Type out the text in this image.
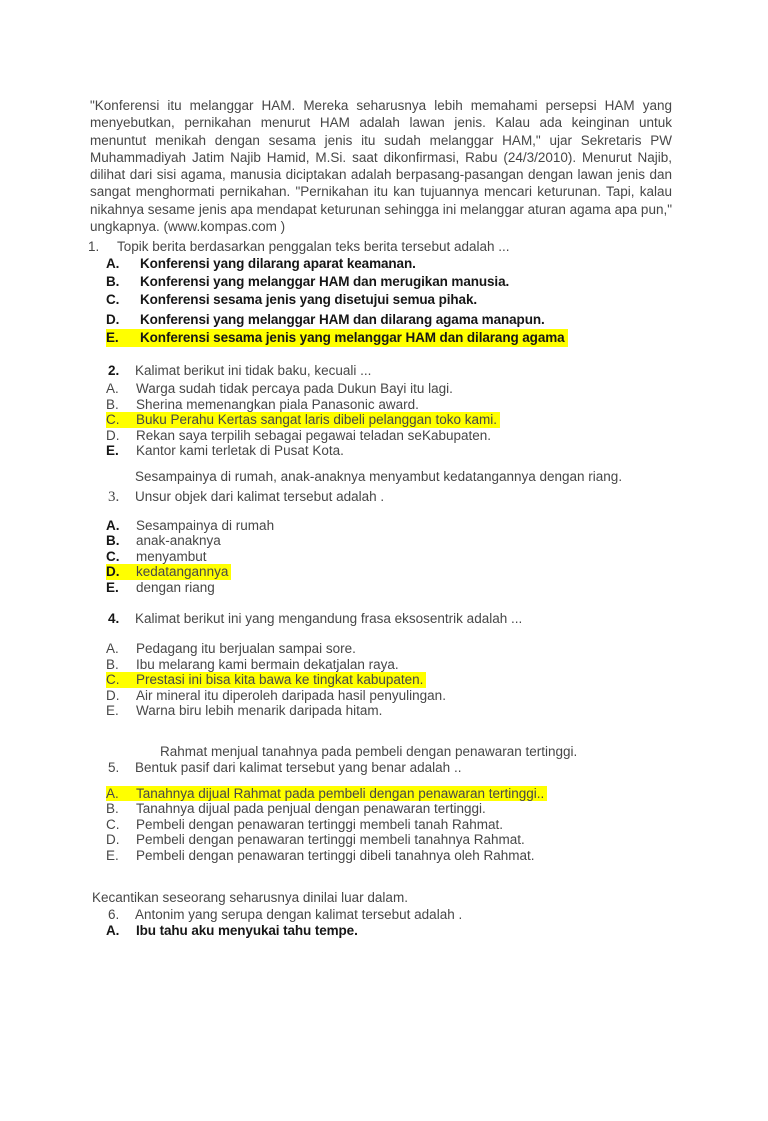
"Konferensi itu melanggar HAM. Mereka seharusnya lebih memahami persepsi HAM yang menyebutkan, pernikahan menurut HAM adalah lawan jenis. Kalau ada keinginan untuk menuntut menikah dengan sesama jenis itu sudah melanggar HAM," ujar Sekretaris PW Muhammadiyah Jatim Najib Hamid, M.Si. saat dikonfirmasi, Rabu (24/3/2010). Menurut Najib, dilihat dari sisi agama, manusia diciptakan adalah berpasang-pasangan dengan lawan jenis dan sangat menghormati pernikahan. "Pernikahan itu kan tujuannya mencari keturunan. Tapi, kalau nikahnya sesame jenis apa mendapat keturunan sehingga ini melanggar aturan agama apa pun," ungkapnya. (www.kompas.com )

1.	Topik berita berdasarkan penggalan teks berita tersebut adalah ...
A.	Konferensi yang dilarang aparat keamanan.
B.	Konferensi yang melanggar HAM dan merugikan manusia.
C.	Konferensi sesama jenis yang disetujui semua pihak.
D.	Konferensi yang melanggar HAM dan dilarang agama manapun.
E.	Konferensi sesama jenis yang melanggar HAM dan dilarang agama
2.	Kalimat berikut ini tidak baku, kecuali ...
A.	Warga sudah tidak percaya pada Dukun Bayi itu lagi.
B.	Sherina memenangkan piala Panasonic award.
C.	Buku Perahu Kertas sangat laris dibeli pelanggan toko kami.
D.	Rekan saya terpilih sebagai pegawai teladan seKabupaten.
E.	Kantor kami terletak di Pusat Kota.
Sesampainya di rumah, anak-anaknya menyambut kedatangannya dengan riang.
3.	Unsur objek dari kalimat tersebut adalah .
A.	Sesampainya di rumah
B.	anak-anaknya
C.	menyambut
D.	kedatangannya
E.	dengan riang
4.	Kalimat berikut ini yang mengandung frasa eksosentrik adalah ...
A.	Pedagang itu berjualan sampai sore.
B.	Ibu melarang kami bermain dekatjalan raya.
C.	Prestasi ini bisa kita bawa ke tingkat kabupaten.
D.	Air mineral itu diperoleh daripada hasil penyulingan.
E.	Warna biru lebih menarik daripada hitam.
Rahmat menjual tanahnya pada pembeli dengan penawaran tertinggi.
5.	Bentuk pasif dari kalimat tersebut yang benar adalah ..
A.	Tanahnya dijual Rahmat pada pembeli dengan penawaran tertinggi..
B.	Tanahnya dijual pada penjual dengan penawaran tertinggi.
C.	Pembeli dengan penawaran tertinggi membeli tanah Rahmat.
D.	Pembeli dengan penawaran tertinggi membeli tanahnya Rahmat.
E.	Pembeli dengan penawaran tertinggi dibeli tanahnya oleh Rahmat.
Kecantikan seseorang seharusnya dinilai luar dalam.
6.	Antonim yang serupa dengan kalimat tersebut adalah .
A.	Ibu tahu aku menyukai tahu tempe.
